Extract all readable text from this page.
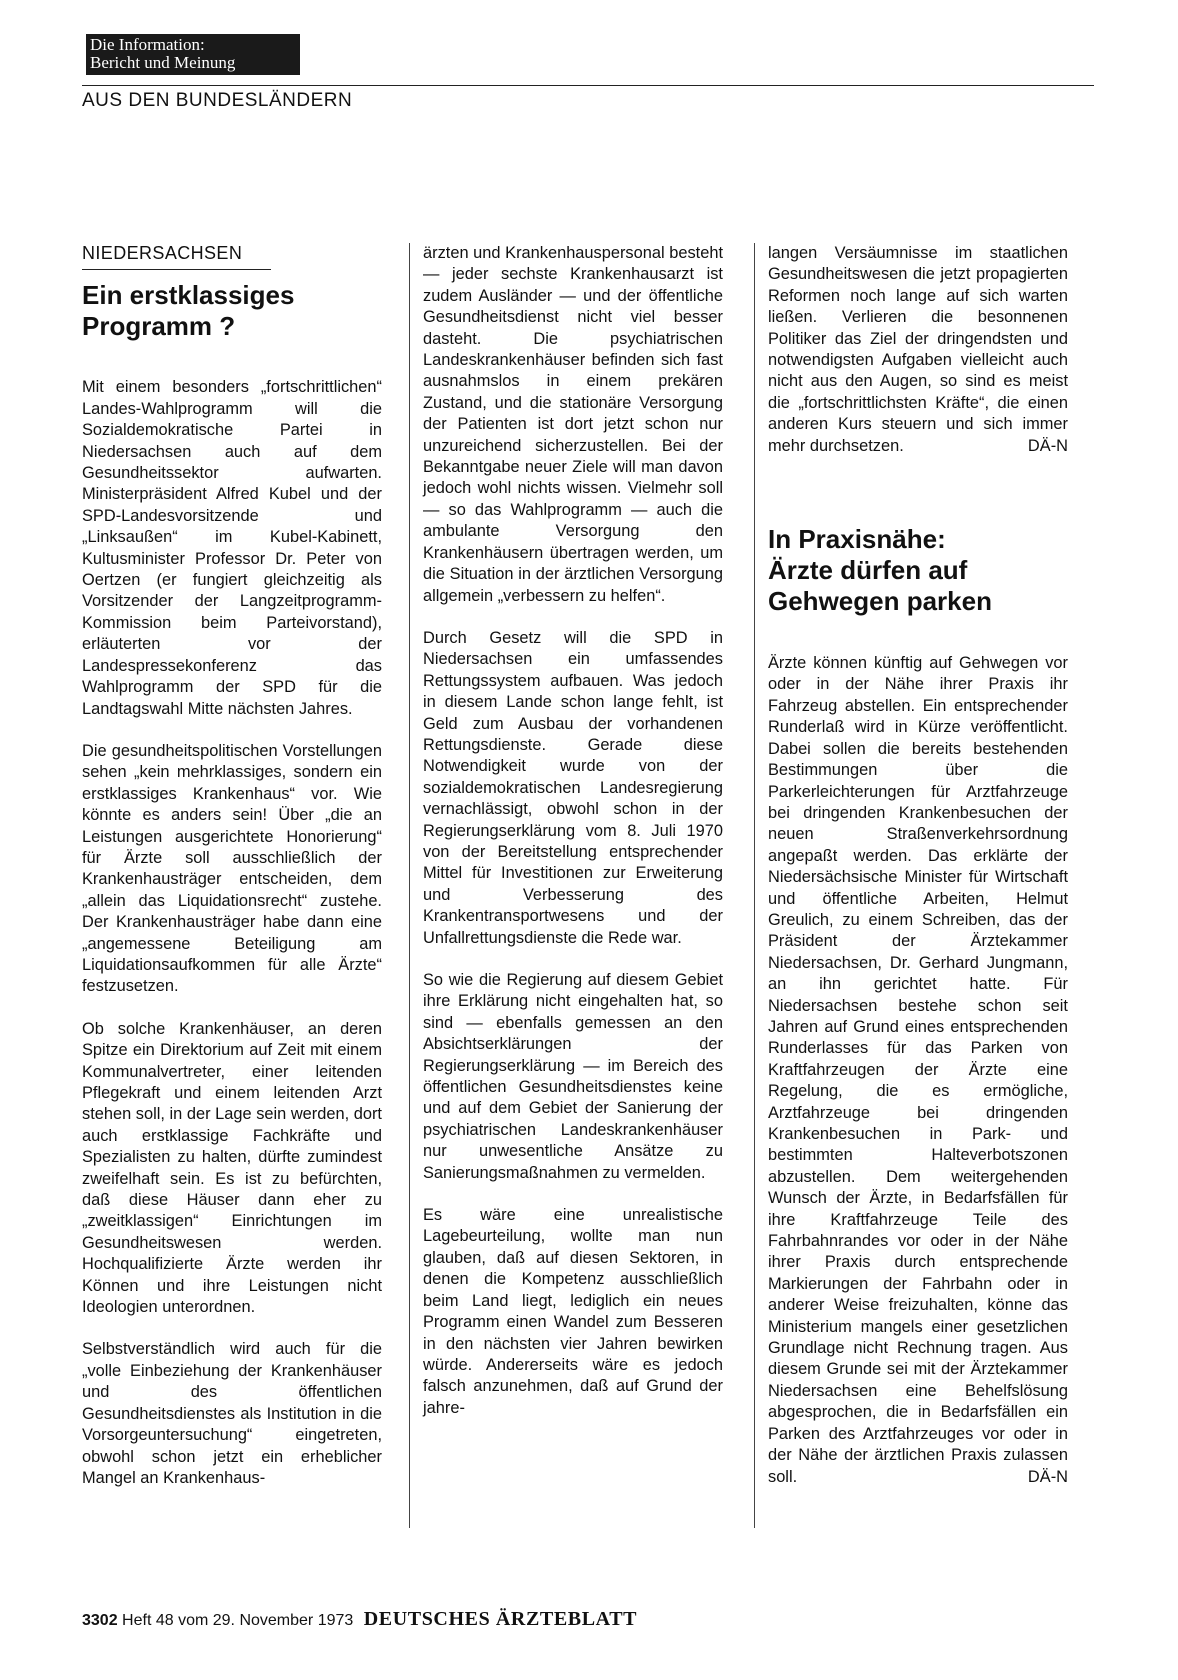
Die Information:
Bericht und Meinung
AUS DEN BUNDESLÄNDERN
NIEDERSACHSEN
Ein erstklassiges
Programm ?

Mit einem besonders „fortschrittlichen“ Landes-Wahlprogramm will die Sozialdemokratische Partei in Niedersachsen auch auf dem Gesundheitssektor aufwarten. Ministerpräsident Alfred Kubel und der SPD-Landesvorsitzende und „Linksaußen“ im Kubel-Kabinett, Kultusminister Professor Dr. Peter von Oertzen (er fungiert gleichzeitig als Vorsitzender der Langzeitprogramm-Kommission beim Parteivorstand), erläuterten vor der Landespressekonferenz das Wahlprogramm der SPD für die Landtagswahl Mitte nächsten Jahres.

Die gesundheitspolitischen Vorstellungen sehen „kein mehrklassiges, sondern ein erstklassiges Krankenhaus“ vor. Wie könnte es anders sein! Über „die an Leistungen ausgerichtete Honorierung“ für Ärzte soll ausschließlich der Krankenhausträger entscheiden, dem „allein das Liquidationsrecht“ zustehe. Der Krankenhausträger habe dann eine „angemessene Beteiligung am Liquidationsaufkommen für alle Ärzte“ festzusetzen.

Ob solche Krankenhäuser, an deren Spitze ein Direktorium auf Zeit mit einem Kommunalvertreter, einer leitenden Pflegekraft und einem leitenden Arzt stehen soll, in der Lage sein werden, dort auch erstklassige Fachkräfte und Spezialisten zu halten, dürfte zumindest zweifelhaft sein. Es ist zu befürchten, daß diese Häuser dann eher zu „zweitklassigen“ Einrichtungen im Gesundheitswesen werden. Hochqualifizierte Ärzte werden ihr Können und ihre Leistungen nicht Ideologien unterordnen.

Selbstverständlich wird auch für die „volle Einbeziehung der Krankenhäuser und des öffentlichen Gesundheitsdienstes als Institution in die Vorsorgeuntersuchung“ eingetreten, obwohl schon jetzt ein erheblicher Mangel an Krankenhaus-

ärzten und Krankenhauspersonal besteht — jeder sechste Krankenhausarzt ist zudem Ausländer — und der öffentliche Gesundheitsdienst nicht viel besser dasteht. Die psychiatrischen Landeskrankenhäuser befinden sich fast ausnahmslos in einem prekären Zustand, und die stationäre Versorgung der Patienten ist dort jetzt schon nur unzureichend sicherzustellen. Bei der Bekanntgabe neuer Ziele will man davon jedoch wohl nichts wissen. Vielmehr soll — so das Wahlprogramm — auch die ambulante Versorgung den Krankenhäusern übertragen werden, um die Situation in der ärztlichen Versorgung allgemein „verbessern zu helfen“.

Durch Gesetz will die SPD in Niedersachsen ein umfassendes Rettungssystem aufbauen. Was jedoch in diesem Lande schon lange fehlt, ist Geld zum Ausbau der vorhandenen Rettungsdienste. Gerade diese Notwendigkeit wurde von der sozialdemokratischen Landesregierung vernachlässigt, obwohl schon in der Regierungserklärung vom 8. Juli 1970 von der Bereitstellung entsprechender Mittel für Investitionen zur Erweiterung und Verbesserung des Krankentransportwesens und der Unfallrettungsdienste die Rede war.

So wie die Regierung auf diesem Gebiet ihre Erklärung nicht eingehalten hat, so sind — ebenfalls gemessen an den Absichtserklärungen der Regierungserklärung — im Bereich des öffentlichen Gesundheitsdienstes keine und auf dem Gebiet der Sanierung der psychiatrischen Landeskrankenhäuser nur unwesentliche Ansätze zu Sanierungsmaßnahmen zu vermelden.

Es wäre eine unrealistische Lagebeurteilung, wollte man nun glauben, daß auf diesen Sektoren, in denen die Kompetenz ausschließlich beim Land liegt, lediglich ein neues Programm einen Wandel zum Besseren in den nächsten vier Jahren bewirken würde. Andererseits wäre es jedoch falsch anzunehmen, daß auf Grund der jahre-

langen Versäumnisse im staatlichen Gesundheitswesen die jetzt propagierten Reformen noch lange auf sich warten ließen. Verlieren die besonnenen Politiker das Ziel der dringendsten und notwendigsten Aufgaben vielleicht auch nicht aus den Augen, so sind es meist die „fortschrittlichsten Kräfte“, die einen anderen Kurs steuern und sich immer mehr durchsetzen.	DÄ-N

In Praxisnähe:
Ärzte dürfen auf
Gehwegen parken

Ärzte können künftig auf Gehwegen vor oder in der Nähe ihrer Praxis ihr Fahrzeug abstellen. Ein entsprechender Runderlaß wird in Kürze veröffentlicht. Dabei sollen die bereits bestehenden Bestimmungen über die Parkerleichterungen für Arztfahrzeuge bei dringenden Krankenbesuchen der neuen Straßenverkehrsordnung angepaßt werden. Das erklärte der Niedersächsische Minister für Wirtschaft und öffentliche Arbeiten, Helmut Greulich, zu einem Schreiben, das der Präsident der Ärztekammer Niedersachsen, Dr. Gerhard Jungmann, an ihn gerichtet hatte. Für Niedersachsen bestehe schon seit Jahren auf Grund eines entsprechenden Runderlasses für das Parken von Kraftfahrzeugen der Ärzte eine Regelung, die es ermögliche, Arztfahrzeuge bei dringenden Krankenbesuchen in Park- und bestimmten Halteverbotszonen abzustellen. Dem weitergehenden Wunsch der Ärzte, in Bedarfsfällen für ihre Kraftfahrzeuge Teile des Fahrbahnrandes vor oder in der Nähe ihrer Praxis durch entsprechende Markierungen der Fahrbahn oder in anderer Weise freizuhalten, könne das Ministerium mangels einer gesetzlichen Grundlage nicht Rechnung tragen. Aus diesem Grunde sei mit der Ärztekammer Niedersachsen eine Behelfslösung abgesprochen, die in Bedarfsfällen ein Parken des Arztfahrzeuges vor oder in der Nähe der ärztlichen Praxis zulassen soll.	DÄ-N

3302 Heft 48 vom 29. November 1973 DEUTSCHES ÄRZTEBLATT
